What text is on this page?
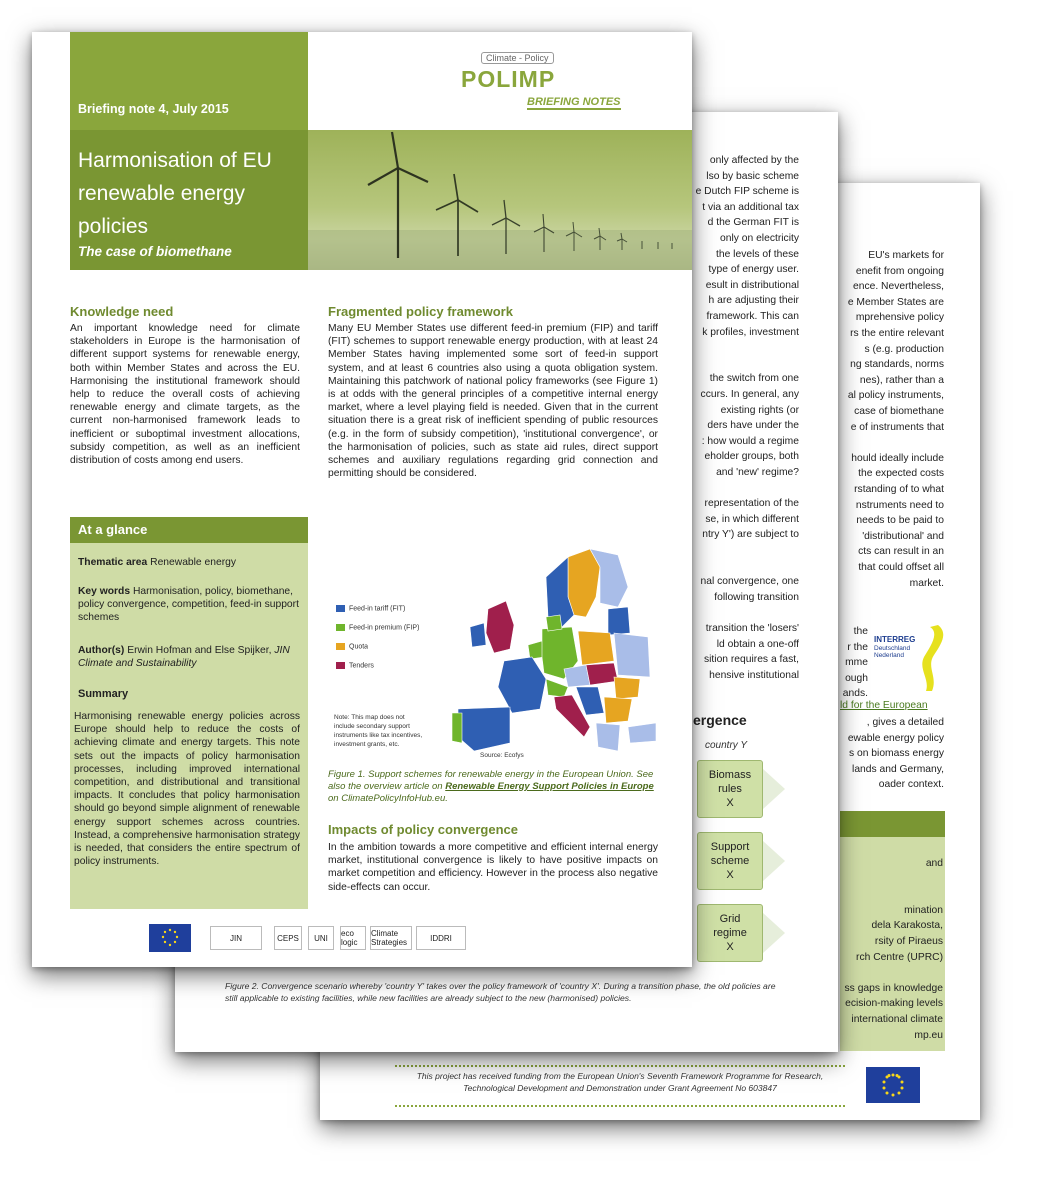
EU's markets for
enefit from ongoing
ence. Nevertheless,
e Member States are
mprehensive policy
rs the entire relevant
s (e.g. production
ng standards, norms
nes), rather than a
al policy instruments,
case of biomethane
e of instruments that
hould ideally include
the expected costs
rstanding of to what
nstruments need to
needs to be paid to
'distributional' and
cts can result in an
that could offset all
market.
the
r the
mme
ough
ands.
ld for the European
, gives a detailed
ewable energy policy
s on biomass energy
lands and Germany,
oader context.
INTERREG
Deutschland Nederland
and
mination
dela Karakosta,
rsity of Piraeus
rch Centre (UPRC)
ss gaps in knowledge
ecision-making levels
international climate
mp.eu
This project has received funding from the European Union's Seventh Framework Programme for Research, Technological Development and Demonstration under Grant Agreement No 603847
only affected by the
lso by basic scheme
e Dutch FIP scheme is
t via an additional tax
d the German FIT is
only on electricity
the levels of these
type of energy user.
esult in distributional
h are adjusting their
framework. This can
k profiles, investment
the switch from one
ccurs. In general, any
existing rights (or
ders have under the
: how would a regime
eholder groups, both
and 'new' regime?
representation of the
se, in which different
ntry Y') are subject to
nal convergence, one
following transition
transition the 'losers'
ld obtain a one-off
sition requires a fast,
hensive institutional
ergence
country Y
Biomass
rules
X
Support
scheme
X
Grid
regime
X
Figure 2. Convergence scenario whereby 'country Y' takes over the policy framework of 'country X'. During a transition phase, the old policies are still applicable to existing facilities, while new facilities are already subject to the new (harmonised) policies.
Briefing note 4, July 2015
Climate - Policy
POLIMP
BRIEFING NOTES
Harmonisation of EU renewable energy policies
The case of biomethane
Knowledge need
An important knowledge need for climate stakeholders in Europe is the harmonisation of different support systems for renewable energy, both within Member States and across the EU. Harmonising the institutional framework should help to reduce the overall costs of achieving renewable energy and climate targets, as the current non-harmonised framework leads to inefficient or suboptimal investment allocations, subsidy competition, as well as an inefficient distribution of costs among end users.
At a glance
Thematic area Renewable energy
Key words Harmonisation, policy, biomethane, policy convergence, competition, feed-in support schemes
Author(s) Erwin Hofman and Else Spijker, JIN Climate and Sustainability
Summary
Harmonising renewable energy policies across Europe should help to reduce the costs of achieving climate and energy targets. This note sets out the impacts of policy harmonisation processes, including improved international competition, and distributional and transitional impacts. It concludes that policy harmonisation should go beyond simple alignment of renewable energy support schemes across countries. Instead, a comprehensive harmonisation strategy is needed, that considers the entire spectrum of policy instruments.
Fragmented policy framework
Many EU Member States use different feed-in premium (FIP) and tariff (FIT) schemes to support renewable energy production, with at least 24 Member States having implemented some sort of feed-in support system, and at least 6 countries also using a quota obligation system. Maintaining this patchwork of national policy frameworks (see Figure 1) is at odds with the general principles of a competitive internal energy market, where a level playing field is needed. Given that in the current situation there is a great risk of inefficient spending of public resources (e.g. in the form of subsidy competition), 'institutional convergence', or the harmonisation of policies, such as state aid rules, direct support schemes and auxiliary regulations regarding grid connection and permitting should be considered.
Feed-in tariff (FIT)
Feed-in premium (FIP)
Quota
Tenders
Note: This map does not include secondary support instruments like tax incentives, investment grants, etc.
Source: Ecofys
Figure 1. Support schemes for renewable energy in the European Union. See also the overview article on Renewable Energy Support Policies in Europe on ClimatePolicyInfoHub.eu.
Impacts of policy convergence
In the ambition towards a more competitive and efficient internal energy market, institutional convergence is likely to have positive impacts on market competition and efficiency. However in the process also negative side-effects can occur.
JIN	CEPS	UNI	eco logic
Climate Strategies	IDDRI
